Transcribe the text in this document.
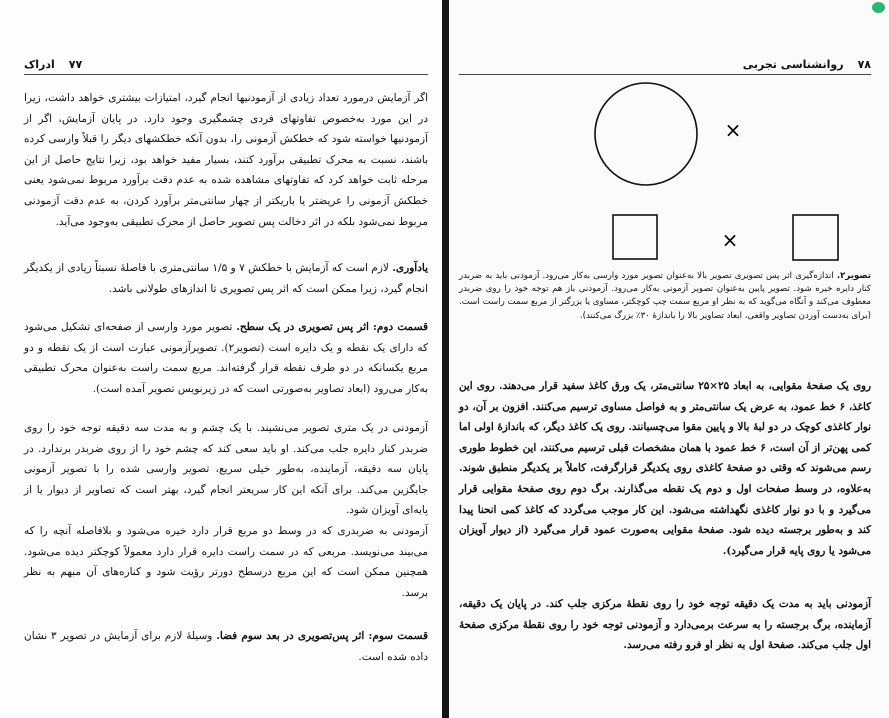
ادراک ۷۷

اگر آزمایش درمورد تعداد زیادی از آزمودنیها انجام گیرد، امتیازات بیشتری خواهد داشت، زیرا در این مورد به‌خصوص تفاوتهای فردی چشمگیری وجود دارد. در پایان آزمایش، اگر از آزمودنیها خواسته شود که خطکش آزمونی را، بدون آنکه خطکشهای دیگر را قبلاً وارسی کرده باشند، نسبت به محرک تطبیقی برآورد کنند، بسیار مفید خواهد بود، زیرا نتایج حاصل از این مرحله ثابت خواهد کرد که تفاوتهای مشاهده شده به عدم دقت برآورد مربوط نمی‌شود یعنی خطکش آزمونی را عریضتر یا باریکتر از چهار سانتی‌متر برآورد کردن، به عدم دقت آزمودنی مربوط نمی‌شود بلکه در اثر دخالت پس تصویر حاصل از محرک تطبیقی به‌وجود می‌آید.

یادآوری. لازم است که آزمایش با خطکش ۷ و ۱/۵ سانتی‌متری با فاصلهٔ نسبتاً زیادی از یکدیگر انجام گیرد، زیرا ممکن است که اثر پس تصویری تا اندازهای طولانی باشد.

قسمت دوم: اثر پس تصویری در یک سطح. تصویر مورد وارسی از صفحه‌ای تشکیل می‌شود که دارای یک نقطه و یک دایره است (تصویر۲). تصویرآزمونی عبارت است از یک نقطه و دو مربع یکسانکه در دو طرف نقطه قرار گرفته‌اند. مربع سمت راست به‌عنوان محرک تطبیقی به‌کار می‌رود (ابعاد تصاویر به‌صورتی است که در زیرنویس تصویر آمده است).

آزمودنی در یک متری تصویر می‌نشیند. با یک چشم و به مدت سه دقیقه توجه خود را روی ضربدر کنار دایره جلب می‌کند. او باید سعی کند که چشم خود را از روی ضربدر برندارد. در پایان سه دقیقه، آزماینده، به‌طور خیلی سریع، تصویر وارسی شده را با تصویر آزمونی جایگزین می‌کند. برای آنکه این کار سریعتر انجام گیرد، بهتر است که تصاویر از دیوار یا از پایه‌ای آویزان شود.

آزمودنی به ضربدری که در وسط دو مربع قرار دارد خیره می‌شود و بلافاصله آنچه را که می‌بیند می‌نویسد. مربعی که در سمت راست دایره قرار دارد معمولاً کوچکتر دیده می‌شود. همچنین ممکن است که این مربع درسطح دورتر رؤیت شود و کناره‌های آن مبهم به نظر برسد.

قسمت سوم: اثر پس‌تصویری در بعد سوم فضا. وسیلهٔ لازم برای آزمایش در تصویر ۳ نشان داده شده است.

۷۸
روانشناسی تجربی
×
×

تصویر۲. اندازه‌گیری اثر پس تصویری تصویر بالا به‌عنوان تصویر مورد وارسی به‌کار می‌رود. آزمودنی باید به ضربدر کنار دایره خیره شود. تصویر پایین به‌عنوان تصویر آزمونی به‌کار می‌رود. آزمودنی باز هم توجه خود را روی ضربدر معطوف می‌کند و آنگاه می‌گوید که به نظر او مربع سمت چپ کوچکتر، مساوی یا بزرگتر از مربع سمت راست است. (برای به‌دست آوردن تصاویر واقعی، ابعاد تصاویر بالا را باندازهٔ ۳۰٪ بزرگ می‌کنند).

روی یک صفحهٔ مقوایی، به ابعاد ۲۵×۲۵ سانتی‌متر، یک ورق کاغذ سفید قرار می‌دهند. روی این کاغذ، ۶ خط عمود، به عرض یک سانتی‌متر و به فواصل مساوی ترسیم می‌کنند. افزون بر آن، دو نوار کاغذی کوچک در دو لبهٔ بالا و پایین مقوا می‌چسبانند. روی یک کاغذ دیگر، که باندازهٔ اولی اما کمی پهن‌تر از آن است، ۶ خط عمود با همان مشخصات قبلی ترسیم می‌کنند، این خطوط طوری رسم می‌شوند که وقتی دو صفحهٔ کاغذی روی یکدیگر قرارگرفت، کاملاً بر یکدیگر منطبق شوند. به‌علاوه، در وسط صفحات اول و دوم یک نقطه می‌گذارند. برگ دوم روی صفحهٔ مقوایی قرار می‌گیرد و با دو نوار کاغذی نگهداشته می‌شود. این کار موجب می‌گردد که کاغذ کمی انحنا پیدا کند و به‌طور برجسته دیده شود. صفحهٔ مقوایی به‌صورت عمود قرار می‌گیرد (از دیوار آویزان می‌شود یا روی پایه قرار می‌گیرد).

آزمودنی باید به مدت یک دقیقه توجه خود را روی نقطهٔ مرکزی جلب کند. در پایان یک دقیقه، آزماینده، برگ برجسته را به سرعت برمی‌دارد و آزمودنی توجه خود را روی نقطهٔ مرکزی صفحهٔ اول جلب می‌کند. صفحهٔ اول به نظر او فرو رفته می‌رسد.
